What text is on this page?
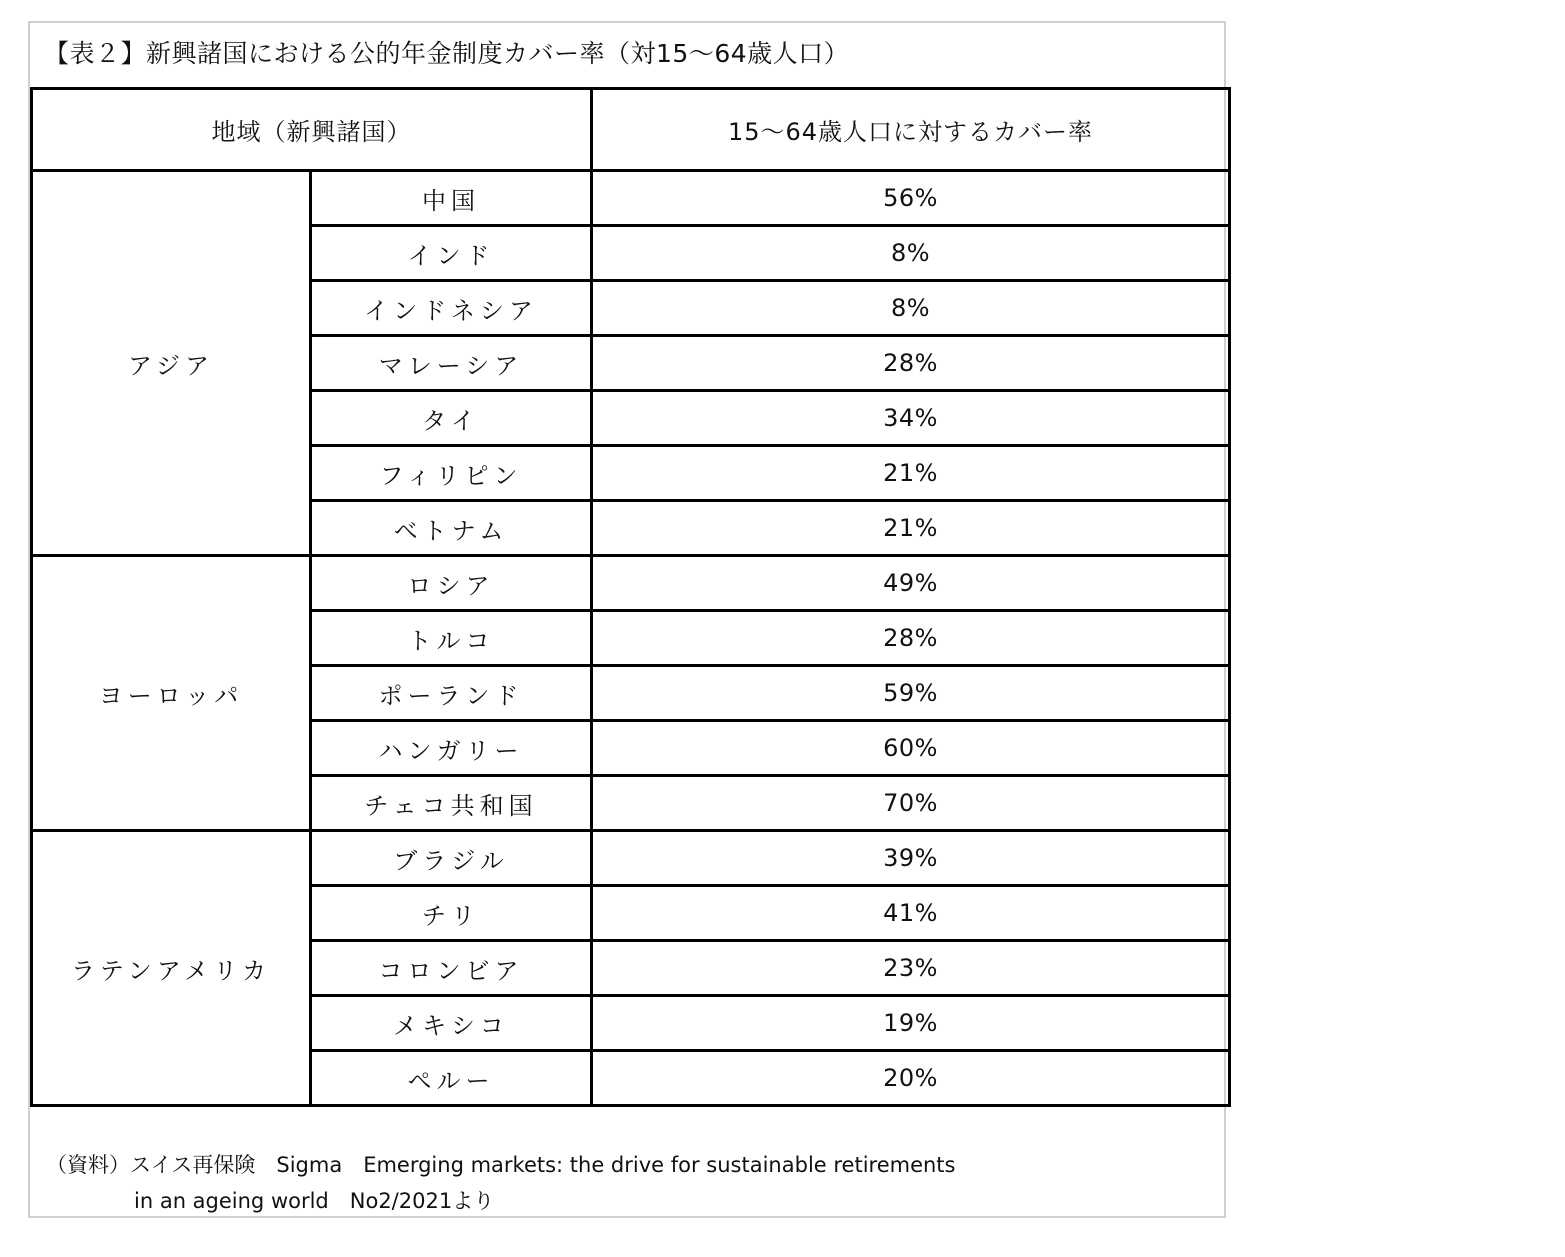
【表２】新興諸国における公的年金制度カバー率（対15～64歳人口）
地域（新興諸国）		15～64歳人口に対するカバー率
アジア	中国	56%
	インド	8%
	インドネシア	8%
	マレーシア	28%
	タイ	34%
	フィリピン	21%
	ベトナム	21%
ヨーロッパ	ロシア	49%
	トルコ	28%
	ポーランド	59%
	ハンガリー	60%
	チェコ共和国	70%
ラテンアメリカ	ブラジル	39%
	チリ	41%
	コロンビア	23%
	メキシコ	19%
	ペルー	20%
（資料）スイス再保険　Sigma　Emerging markets: the drive for sustainable retirements
in an ageing world　No2/2021より
